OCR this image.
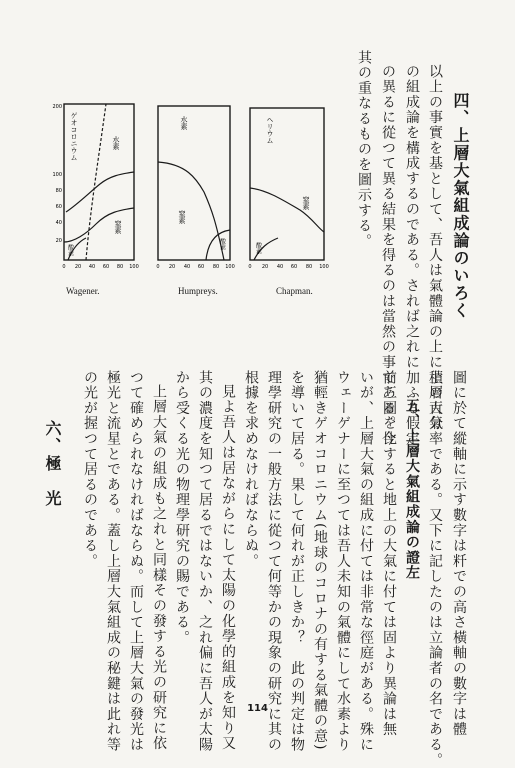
四、上層大氣組成論のいろく
以上の事實を基として、吾人は氣體論の上に上層大氣
の組成論を構成するのである。されば之れに加ふる假定
の異るに從つて異る結果を得るのは當然の事である。今
其の重なるものを圖示する。
ゲオコロニウム	水素
窒素
酸素
水素
窒素
酸素
ヘリウム
窒素
酸素
200
100
80
60
40
20
0 20 40 60 80 100	0 20 40 60 80 100	0 20 40 60 80 100
Wagener.	Humpreys.	Chapman.
圖に於て縱軸に示す數字は粁での高さ橫軸の數字は體
積の百分率である。又下に記したのは立論者の名である。
五、上層大氣組成論の證左
前三圖を比すると地上の大氣に付ては固より異論は無
いが、上層大氣の組成に付ては非常な徑庭がある。殊に
ウェーゲナーに至つては吾人未知の氣體にして水素より
猶輕きゲオコロニウム(地球のコロナの有する氣體の意)
を導いて居る。果して何れが正しきか？　此の判定は物
理學研究の一般方法に從つて何等かの現象の研究に其の
根據を求めなければならぬ。
見よ吾人は居ながらにして太陽の化學的組成を知り又
其の濃度を知つて居るではないか、之れ偏に吾人が太陽
から受くる光の物理學研究の賜である。
上層大氣の組成も之れと同樣その發する光の研究に依
つて確められなければならぬ。而して上層大氣の發光は
極光と流星とである。蓋し上層大氣組成の秘鍵は此れ等
の光が握つて居るのである。
六、極　光
114
